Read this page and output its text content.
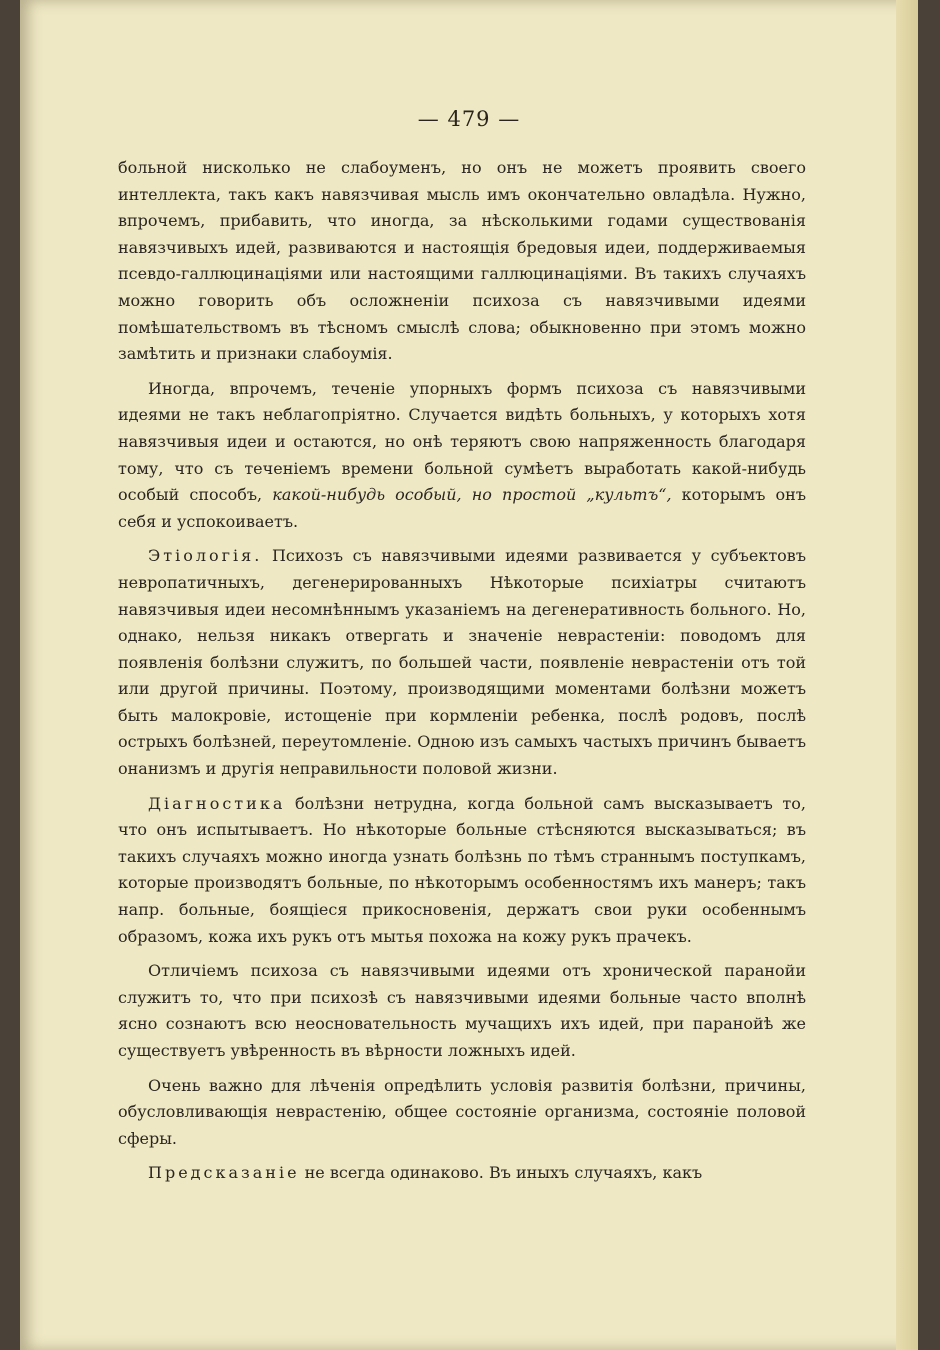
— 479 —

больной нисколько не слабоуменъ, но онъ не можетъ проявить своего интеллекта, такъ какъ навязчивая мысль имъ окончательно овладѣла. Нужно, впрочемъ, прибавить, что иногда, за нѣсколькими годами существованія навязчивыхъ идей, развиваются и настоящія бредовыя идеи, поддерживаемыя псевдо-галлюцинаціями или настоящими галлюцинаціями. Въ такихъ случаяхъ можно говорить объ осложненіи психоза съ навязчивыми идеями помѣшательствомъ въ тѣсномъ смыслѣ слова; обыкновенно при этомъ можно замѣтить и признаки слабоумія.

Иногда, впрочемъ, теченіе упорныхъ формъ психоза съ навязчивыми идеями не такъ неблагопріятно. Случается видѣть больныхъ, у которыхъ хотя навязчивыя идеи и остаются, но онѣ теряютъ свою напряженность благодаря тому, что съ теченіемъ времени больной сумѣетъ выработать какой-нибудь особый способъ, какой-нибудь особый, но простой „культъ“, которымъ онъ себя и успокоиваетъ.

Этіологія. Психозъ съ навязчивыми идеями развивается у субъектовъ невропатичныхъ, дегенерированныхъ Нѣкоторые психіатры считаютъ навязчивыя идеи несомнѣннымъ указаніемъ на дегенеративность больного. Но, однако, нельзя никакъ отвергать и значеніе неврастеніи: поводомъ для появленія болѣзни служитъ, по большей части, появленіе неврастеніи отъ той или другой причины. Поэтому, производящими моментами болѣзни можетъ быть малокровіе, истощеніе при кормленіи ребенка, послѣ родовъ, послѣ острыхъ болѣзней, переутомленіе. Одною изъ самыхъ частыхъ причинъ бываетъ онанизмъ и другія неправильности половой жизни.

Діагностика болѣзни нетрудна, когда больной самъ высказываетъ то, что онъ испытываетъ. Но нѣкоторые больные стѣсняются высказываться; въ такихъ случаяхъ можно иногда узнать болѣзнь по тѣмъ страннымъ поступкамъ, которые производятъ больные, по нѣкоторымъ особенностямъ ихъ манеръ; такъ напр. больные, боящіеся прикосновенія, держатъ свои руки особеннымъ образомъ, кожа ихъ рукъ отъ мытья похожа на кожу рукъ прачекъ.

Отличіемъ психоза съ навязчивыми идеями отъ хронической паранойи служитъ то, что при психозѣ съ навязчивыми идеями больные часто вполнѣ ясно сознаютъ всю неосновательность мучащихъ ихъ идей, при паранойѣ же существуетъ увѣренность въ вѣрности ложныхъ идей.

Очень важно для лѣченія опредѣлить условія развитія болѣзни, причины, обусловливающія неврастенію, общее состояніе организма, состояніе половой сферы.

Предсказаніе не всегда одинаково. Въ иныхъ случаяхъ, какъ
